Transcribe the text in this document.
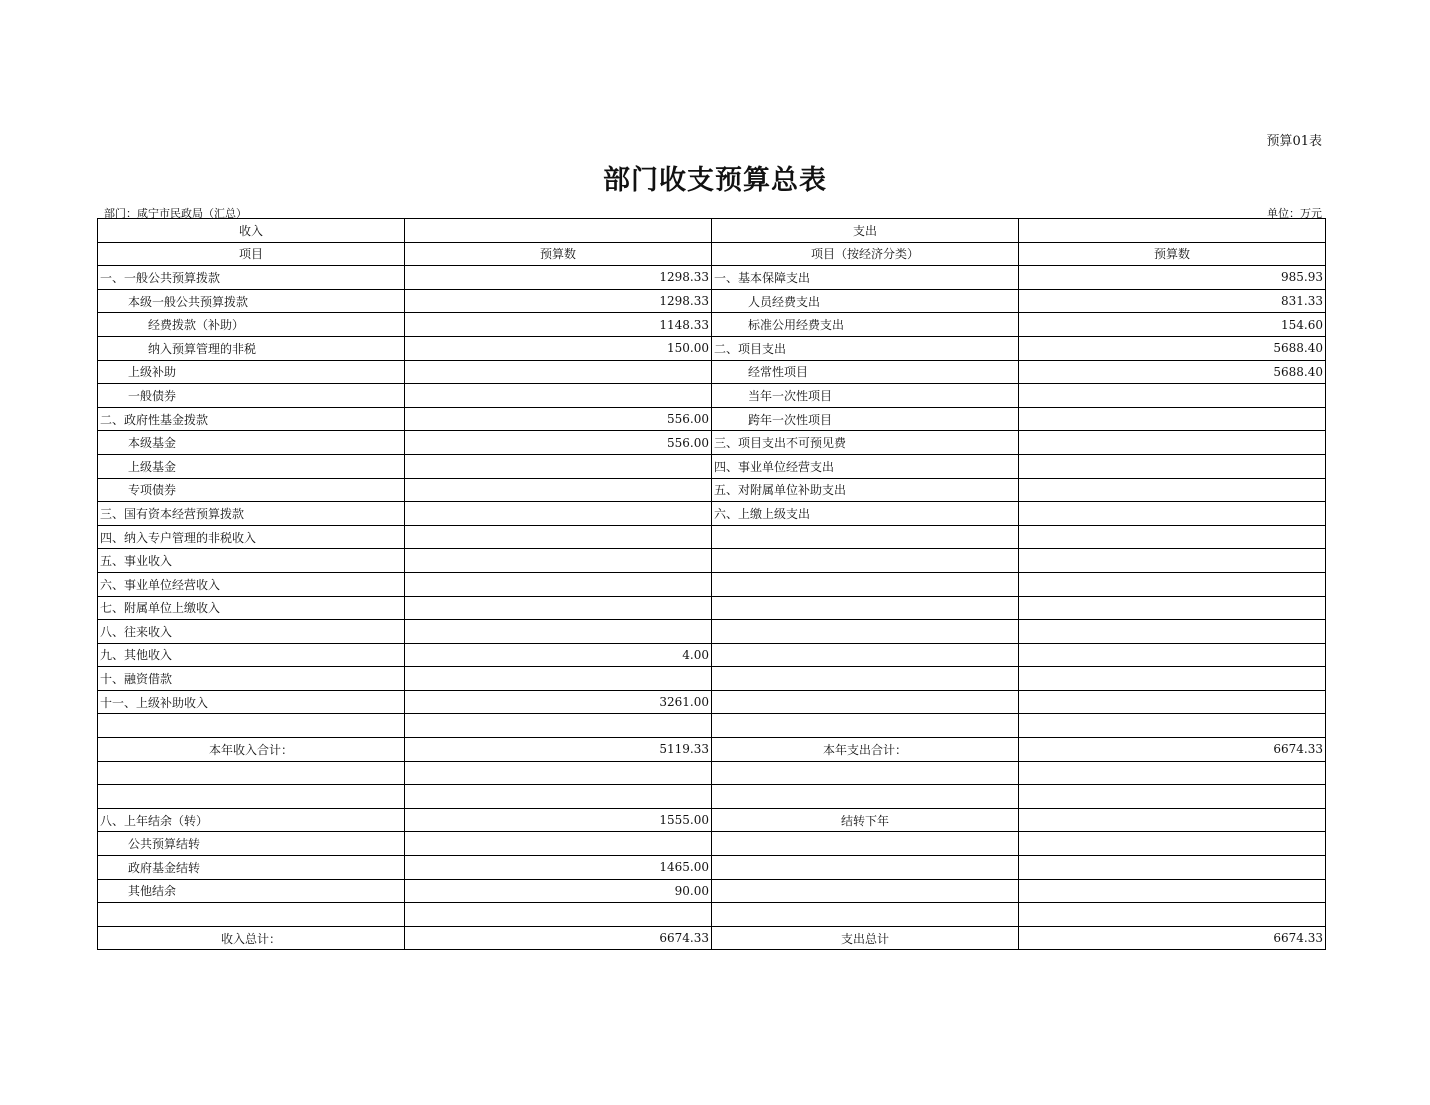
预算01表
部门收支预算总表
部门：咸宁市民政局（汇总）	单位：万元
收入		支出	
项目	预算数	项目（按经济分类）	预算数
一、一般公共预算拨款	1298.33	一、基本保障支出	985.93
本级一般公共预算拨款	1298.33	人员经费支出	831.33
经费拨款（补助）	1148.33	标准公用经费支出	154.60
纳入预算管理的非税	150.00	二、项目支出	5688.40
上级补助		经常性项目	5688.40
一般债券		当年一次性项目	
二、政府性基金拨款	556.00	跨年一次性项目	
本级基金	556.00	三、项目支出不可预见费	
上级基金		四、事业单位经营支出	
专项债券		五、对附属单位补助支出	
三、国有资本经营预算拨款		六、上缴上级支出	
四、纳入专户管理的非税收入			
五、事业收入			
六、事业单位经营收入			
七、附属单位上缴收入			
八、往来收入			
九、其他收入	4.00		
十、融资借款			
十一、上级补助收入	3261.00		

本年收入合计：	5119.33	本年支出合计：	6674.33

八、上年结余（转）	1555.00	结转下年	
公共预算结转			
政府基金结转	1465.00		
其他结余	90.00		

收入总计：	6674.33	支出总计	6674.33
